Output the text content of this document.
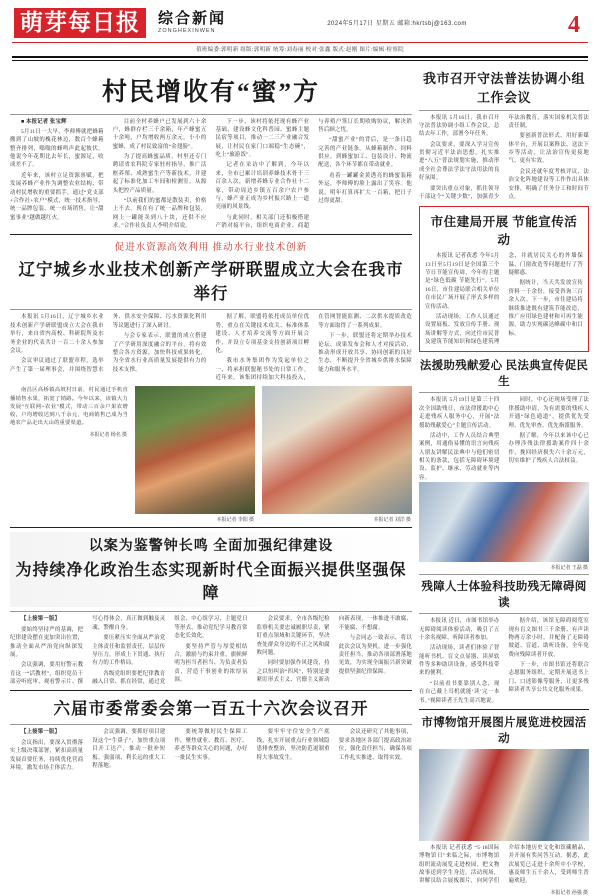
萌芽每日报	综合新闻
ZONGHEXINWEN
2024年5月17日 星期五 邮箱:hkrtsbj@163.com	4
值班编委:郭明新 组版:郭明新 统筹:刘春丽 校对:张鑫 版式:赵刚 图片:编辑·检察院
村民增收有“蜜”方

■ 本报记者 张宝辉

5月11日一大早，李师傅就把蜂箱搬到了山坡的槐花林边，数百个蜂箱整齐排列，嗡嗡的蜂鸣声此起彼伏。他说今年花期比去年长，蜜源足，收成差不了。

近年来，该村立足资源禀赋，把发展养蜂产业作为调整农业结构、带动村民增收的重要抓手，通过“党支部+合作社+农户”模式，统一技术指导、统一品牌包装、统一市场销售，让“甜蜜事业”越做越红火。

目前全村养蜂户已发展到六十余户，蜂群存栏三千余箱，年产蜂蜜五十余吨，户均增收两万余元。小小的蜜蜂，成了村民致富的“金翅膀”。

为了提高蜂蜜品质，村里还专门聘请省农科院专家驻村指导，推广活框养殖、成熟蜜生产等新技术，并建起了标准化加工车间和检测室，从源头把控产品质量。

“以前我们的蜜都是散装卖，价格上不去。现在有了统一品牌和包装，网上一罐能卖到八十块，还供不应求。”合作社负责人李明介绍说。

下一步，该村将依托现有蜂产业基础，建设蜂文化科普园、蜜蜂主题民宿等项目，推动一二三产业融合发展，让村民在家门口端稳“生态碗”，吃上“旅游饭”。

记者在采访中了解到，今年以来，全市已累计培训养蜂技术骨干三百余人次，新增养蜂专业合作社十二家，带动周边乡镇五百余户农户参与，蜂产业正成为乡村振兴路上一道亮丽的风景线。

与此同时，相关部门还积极搭建产销对接平台，组织电商企业、商超与养殖户签订长期收购协议，解决销售后顾之忧。

“甜蜜产业”的背后，是一条日趋完善的产业链条。从蜂箱制作、饲料供应，到蜂蜜加工、包装设计、物流配送，各个环节都在带动就业。

看着一罐罐金黄透亮的蜂蜜装箱外运，李师傅的脸上露出了笑容。他说，明年打算再扩大一百箱，把日子过得更甜。

促进水资源高效利用 推动水行业技术创新
辽宁城乡水业技术创新产学研联盟成立大会在我市举行

本报讯 5月16日，辽宁城乡水业技术创新产学研联盟成立大会在我市举行，来自省内高校、科研院所及水务企业的代表共计一百二十余人参加会议。

会议审议通过了联盟章程，选举产生了第一届理事会，并围绕智慧水务、供水安全保障、污水资源化利用等议题进行了深入研讨。

与会专家表示，联盟的成立搭建了产学研用深度融合的平台，将有效整合各方资源，加快科技成果转化，为全省水行业高质量发展提供有力的技术支撑。

据了解，联盟将依托成员单位优势，重点在关键技术攻关、标准体系建设、人才培养交流等方面开展合作，并设立专项基金支持创新项目孵化。

我市水务集团作为发起单位之一，将承担联盟秘书处的日常工作。近年来，该集团持续加大科技投入，在管网智能监测、二次供水提质改造等方面取得了一系列成果。

下一步，联盟还将定期举办技术论坛、成果发布会和人才对接活动，推动形成开放共享、协同创新的良好生态，不断提升全省城乡供排水保障能力和服务水平。

南昌区高桥镇高坡村日前，村民通过手机直播销售水果，拓宽了销路。今年以来，该镇大力发展“互联网+农业”模式，带动三百余户果农增收，户均增收达到八千余元，电商销售已成为当地农产品走出大山的重要渠道。

本报记者 杨名 摄
本报记者 李阳 摄	本报记者 刘洋 摄
以案为鉴警钟长鸣 全面加强纪律建设
为持续净化政治生态实现新时代全面振兴提供坚强保障

【上接第一版】

要始终坚持严的基调，把纪律建设摆在更加突出位置，推动全面从严治党向纵深发展。

会议强调，要用好警示教育这一“活教材”，组织党员干部旁听庭审、观看警示片、撰写心得体会，真正做到触及灵魂、警醒自身。

要压紧压实全面从严治党主体责任和监督责任，层层传导压力，形成上下贯通、执行有力的工作格局。

各级党组织要把纪律教育融入日常、抓在经常，通过党组会、中心组学习、主题党日等形式，推动党纪学习教育常态化长效化。

要坚持严管与厚爱相结合，激励与约束并重，旗帜鲜明为担当者担当、为负责者负责，营造干事创业的浓厚氛围。

会议要求，全市各级纪检监察机关要忠诚履职尽责，紧盯重点领域和关键环节，坚决查处群众身边的不正之风和腐败问题。

同时要加强作风建设，持之以恒纠治“四风”，特别是要紧盯形式主义、官僚主义新动向新表现，一体推进不敢腐、不能腐、不想腐。

与会同志一致表示，将以此次会议为契机，进一步强化责任担当，推动各项部署落地见效，为实现全面振兴新突破提供坚强纪律保障。

六届市委常委会第一百五十六次会议召开

【上接第一版】

会议指出，要深入贯彻落实上级决策部署，紧扣高质量发展首要任务，持续优化营商环境，激发市场主体活力。

会议强调，要抓好项目建设这个“牛鼻子”，加快重点项目开工达产，推动一批补短板、强弱项、利长远的重大工程落地。

要统筹做好民生保障工作，聚焦就业、教育、医疗、养老等群众关心的问题，办好一批民生实事。

要牢牢守住安全生产底线，扎实开展重点行业领域隐患排查整治，坚决防范遏制重特大事故发生。

会议还研究了其他事项，要求各地区各部门提高政治站位，强化责任担当，确保各项工作扎实推进、取得实效。

我市召开守法普法协调小组工作会议

本报讯 5月16日，我市召开守法普法协调小组工作会议，总结去年工作，部署今年任务。

会议要求，要深入学习宣传贯彻习近平法治思想，扎实推进“八五”普法规划实施，推动形成全社会尊法学法守法用法的良好氛围。

要突出重点对象，抓住领导干部这个“关键少数”，加强青少年法治教育，落实国家机关普法责任制。

要创新普法形式，用好新媒体平台，开展以案释法、送法下乡等活动，让法治宣传更接地气、更有实效。

会议还就年度考核评议、法治文化阵地建设等工作作出具体安排，明确了任务分工和时间节点。

市住建局开展 节能宣传活动

本报讯 记者获悉 今年5月13日至5月19日是全国第三个节日节能宣传周，今年的主题是“绿色低碳 节能先行”。5月16日，市住建局联合相关单位在市民广场开展了形式多样的宣传活动。

活动现场，工作人员通过设置展板、发放宣传手册、现场讲解等方式，向过往市民普及建筑节能知识和绿色建筑理念，并就居民关心的外墙保温、门窗改造等问题进行了答疑解惑。

据统计，当天共发放宣传资料一千余份，接受咨询三百余人次。下一步，市住建局将继续推进既有建筑节能改造，推广应用绿色建材和可再生能源，助力实现碳达峰碳中和目标。

法援助残献爱心 民法典宣传促民生

本报讯 5月19日是第三十四次全国助残日，市法律援助中心走进残疾人服务中心，开展“法援助残献爱心”主题宣传活动。

活动中，工作人员结合典型案例，用通俗易懂的语言向残疾人朋友讲解民法典中与他们密切相关的条款，包括无障碍环境建设、监护、继承、劳动就业等内容。

同时，中心还现场受理了法律援助申请，为有需要的残疾人开通“绿色通道”，提供优先受理、优先审查、优先指派服务。

据了解，今年以来该中心已办理涉残法律援助案件四十余件，挽回经济损失六十余万元，切实维护了残疾人合法权益。

本报记者 王磊 摄
残障人士体验科技助残无障碍阅读

本报讯 近日，市图书馆举办无障碍阅读体验活动，吸引了五十余名视障、听障读者参加。

活动现场，读者们体验了智能听书机、盲文点显器、读屏软件等多种助读设备，感受科技带来的便利。

“以前看书要靠别人念，现在自己戴上耳机就能‘读’完一本书。”视障读者王先生高兴地说。

据介绍，该馆无障碍阅览室现有盲文图书三千余册、有声读物两万余小时，并配备了无障碍坡道、盲道、助听设备，全年免费向残障读者开放。

下一步，市图书馆还将联合志愿服务组织，定期开展送书上门、口述影像等服务，让更多残障读者共享公共文化服务成果。

市博物馆开展图片展览进校园活动

本报讯 记者获悉 “5·18国际博物馆日”来临之际，市博物馆组织流动展览走进校园，把文物故事送到学生身边。活动现场，讲解员结合展板图片，向同学们介绍本地历史文化和馆藏精品，并开展有奖问答互动。据悉，此次展览已走进十余所中小学校，惠及师生五千余人，受到师生普遍欢迎。

本报记者 孙强 摄
